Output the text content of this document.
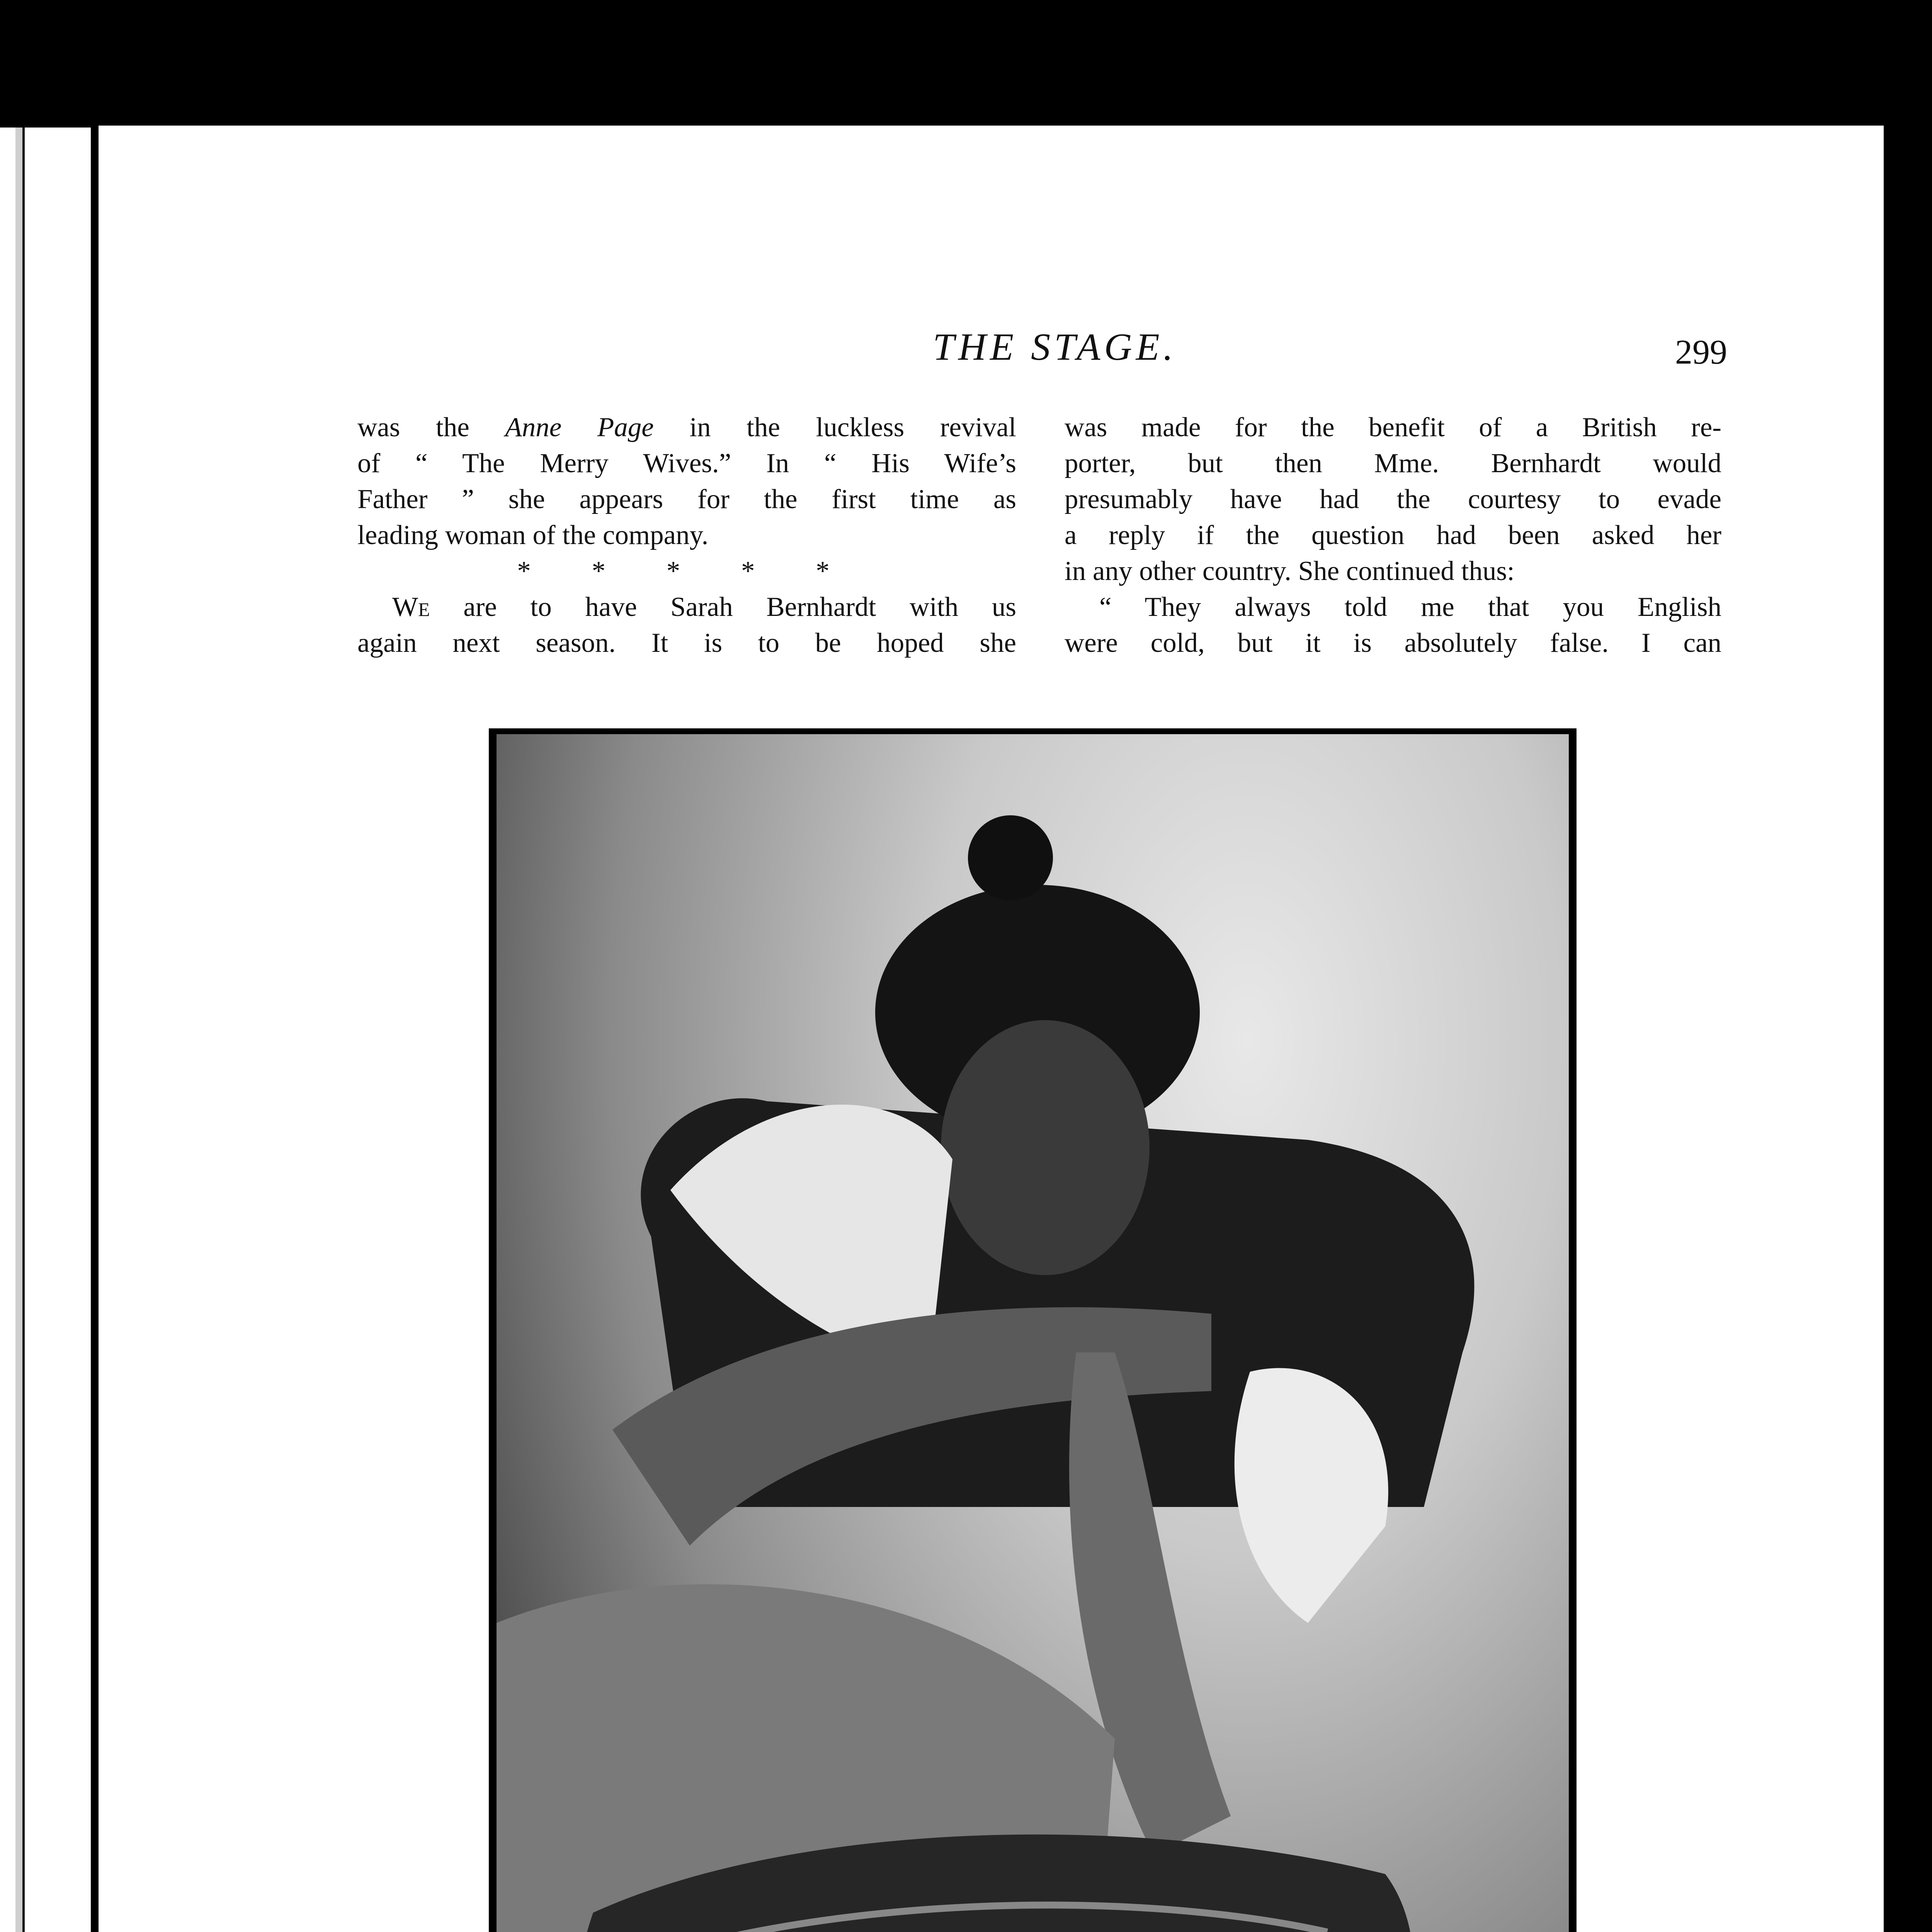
THE STAGE.	299
was the Anne Page in the luckless revival
of “ The Merry Wives.” In “ His Wife’s
Father ” she appears for the first time as
leading woman of the company.
* * * * *
We are to have Sarah Bernhardt with us
again next season. It is to be hoped she
was made for the benefit of a British re-
porter, but then Mme. Bernhardt would
presumably have had the courtesy to evade
a reply if the question had been asked her
in any other country. She continued thus:
“ They always told me that you English
were cold, but it is absolutely false. I can
